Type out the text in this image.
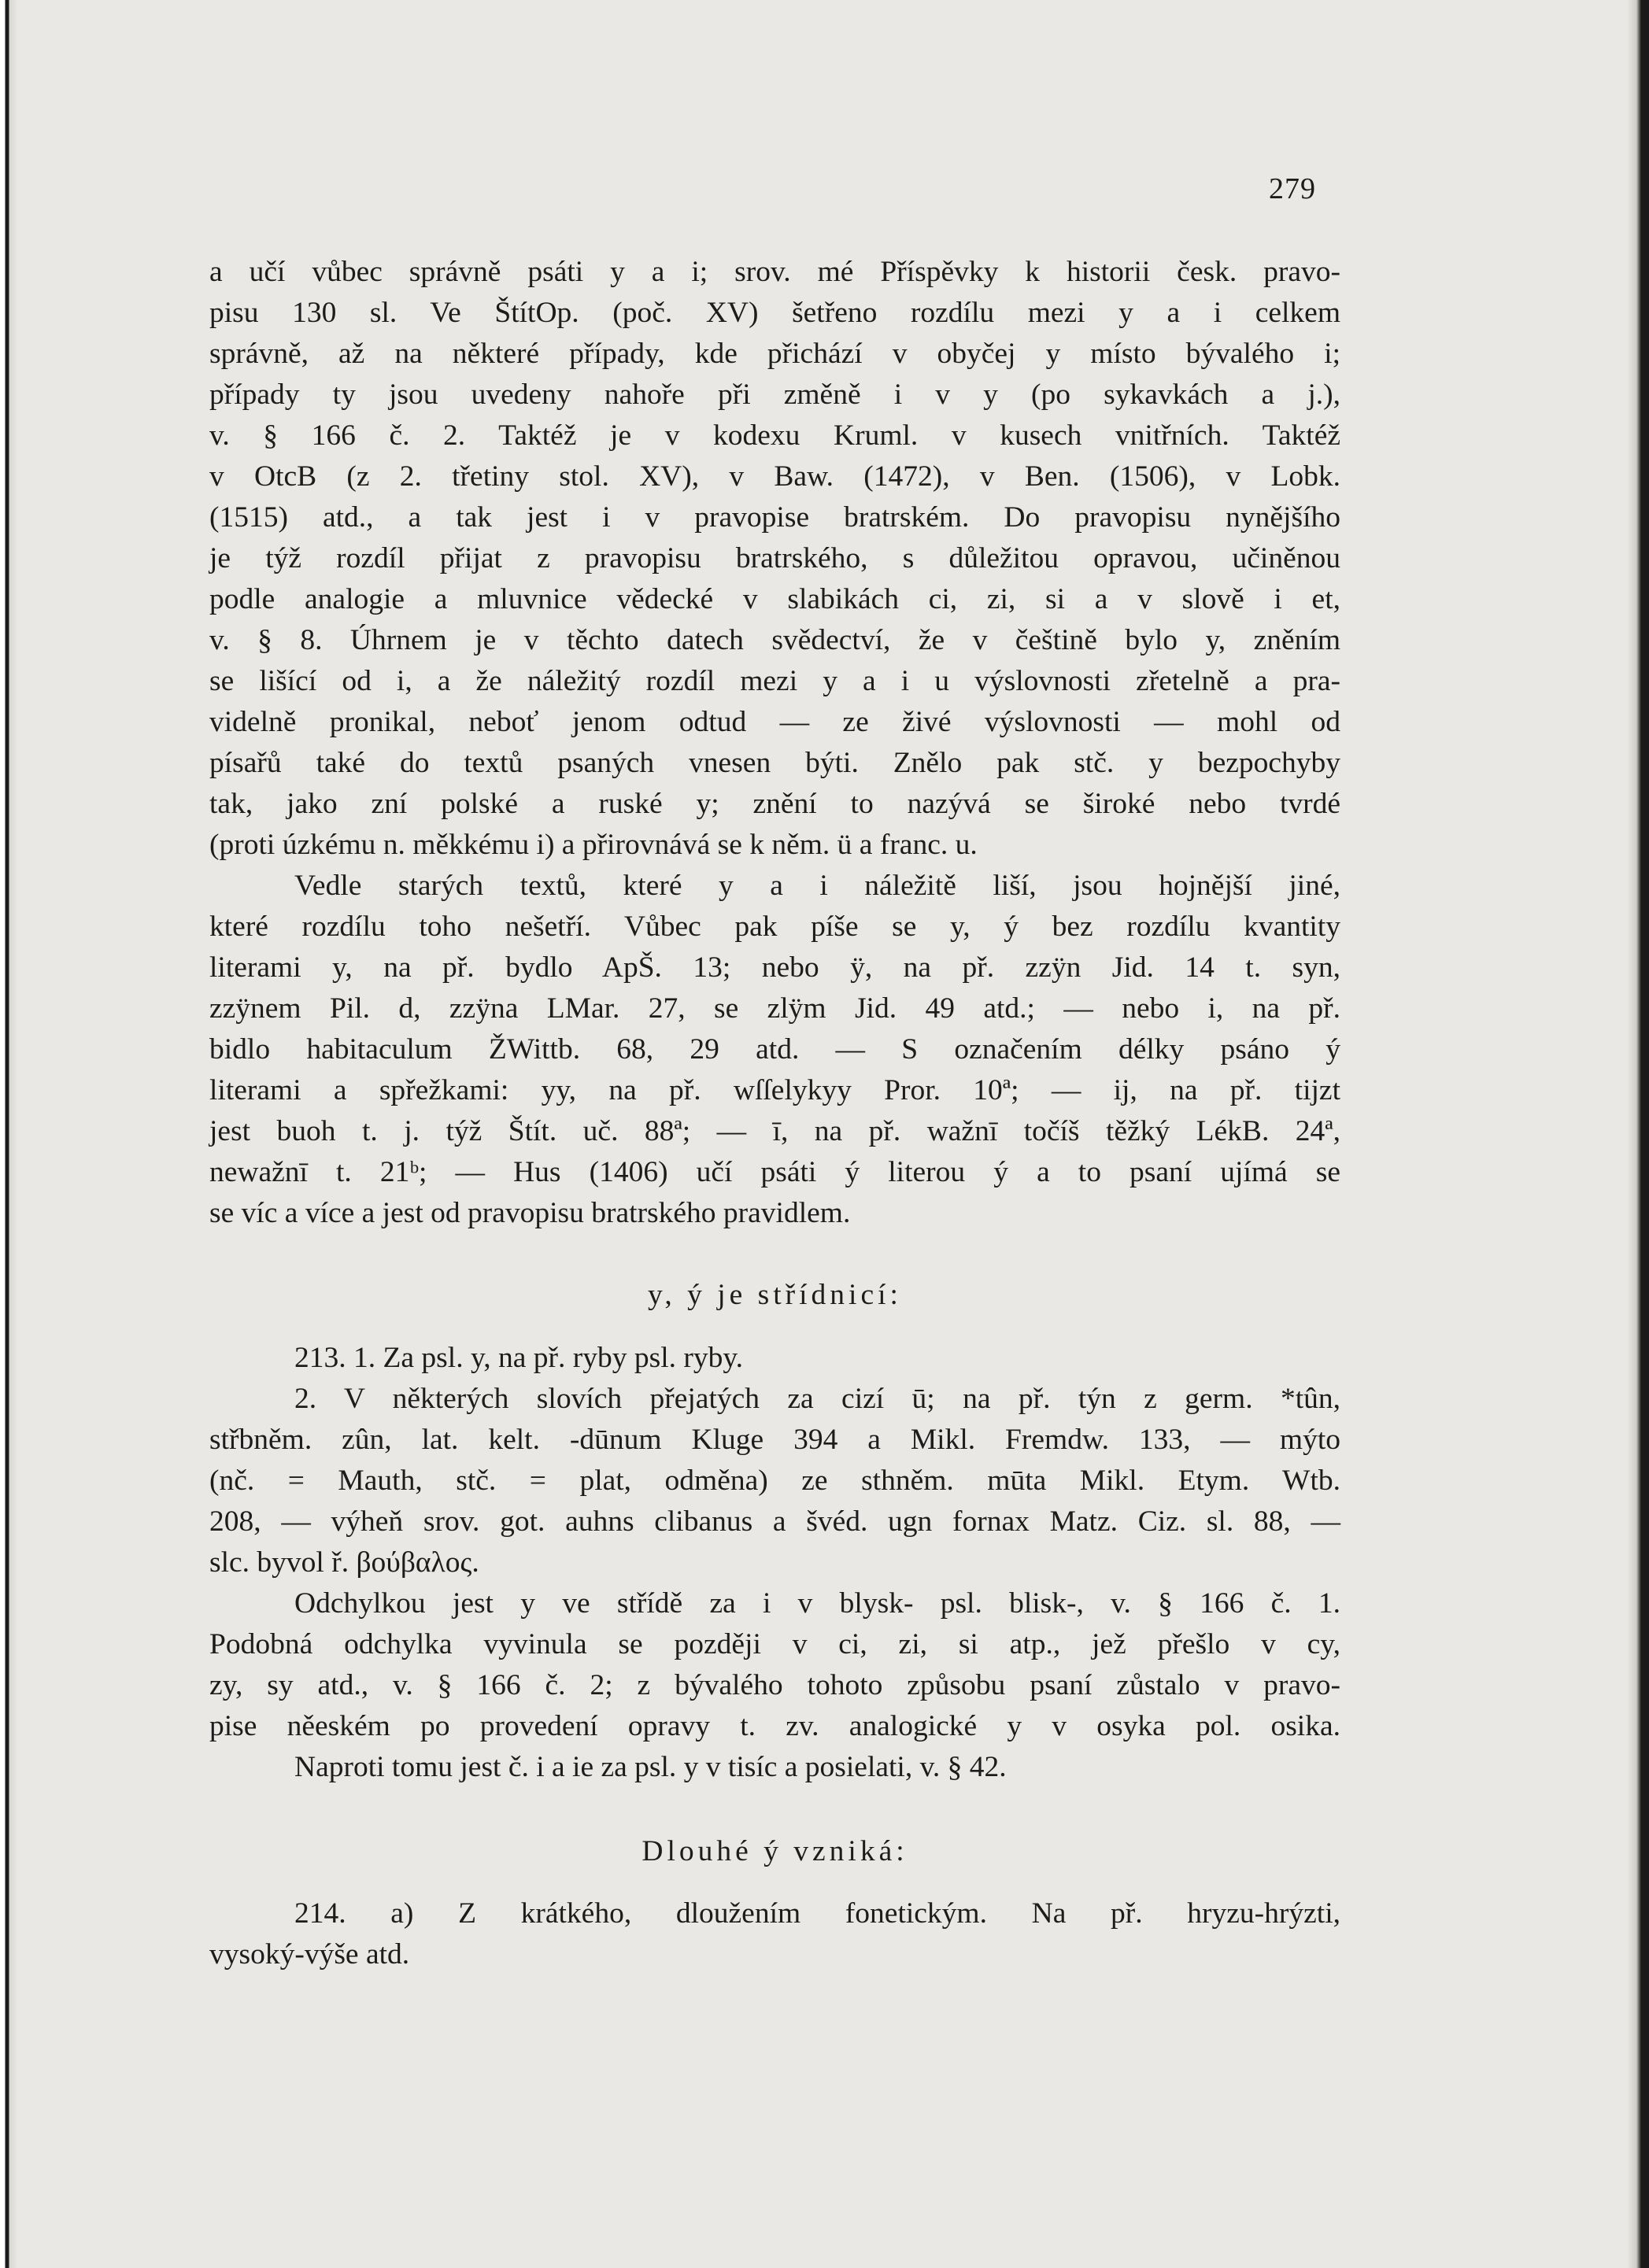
279
a učí vůbec správně psáti y a i; srov. mé Příspěvky k historii česk. pravo-
pisu 130 sl. Ve ŠtítOp. (poč. XV) šetřeno rozdílu mezi y a i celkem
správně, až na některé případy, kde přichází v obyčej y místo bývalého i;
případy ty jsou uvedeny nahoře při změně i v y (po sykavkách a j.),
v. § 166 č. 2. Taktéž je v kodexu Kruml. v kusech vnitřních. Taktéž
v OtcB (z 2. třetiny stol. XV), v Baw. (1472), v Ben. (1506), v Lobk.
(1515) atd., a tak jest i v pravopise bratrském. Do pravopisu nynějšího
je týž rozdíl přijat z pravopisu bratrského, s důležitou opravou, učiněnou
podle analogie a mluvnice vědecké v slabikách ci, zi, si a v slově i et,
v. § 8. Úhrnem je v těchto datech svědectví, že v češtině bylo y, zněním
se lišící od i, a že náležitý rozdíl mezi y a i u výslovnosti zřetelně a pra-
videlně pronikal, neboť jenom odtud — ze živé výslovnosti — mohl od
písařů také do textů psaných vnesen býti. Znělo pak stč. y bezpochyby
tak, jako zní polské a ruské y; znění to nazývá se široké nebo tvrdé
(proti úzkému n. měkkému i) a přirovnává se k něm. ü a franc. u.
Vedle starých textů, které y a i náležitě liší, jsou hojnější jiné,
které rozdílu toho nešetří. Vůbec pak píše se y, ý bez rozdílu kvantity
literami y, na př. bydlo ApŠ. 13; nebo ÿ, na př. zzÿn Jid. 14 t. syn,
zzÿnem Pil. d, zzÿna LMar. 27, se zlÿm Jid. 49 atd.; — nebo i, na př.
bidlo habitaculum ŽWittb. 68, 29 atd. — S označením délky psáno ý
literami a spřežkami: yy, na př. wſſelykyy Pror. 10ª; — ij, na př. tijzt
jest buoh t. j. týž Štít. uč. 88ª; — ī, na př. wažnī točíš těžký LékB. 24ª,
newažnī t. 21ᵇ; — Hus (1406) učí psáti ý literou ý a to psaní ujímá se
se víc a více a jest od pravopisu bratrského pravidlem.
y, ý je střídnicí:
213. 1. Za psl. y, na př. ryby psl. ryby.
2. V některých slovích přejatých za cizí ū; na př. týn z germ. *tûn,
střbněm. zûn, lat. kelt. -dūnum Kluge 394 a Mikl. Fremdw. 133, — mýto
(nč. = Mauth, stč. = plat, odměna) ze sthněm. mūta Mikl. Etym. Wtb.
208, — výheň srov. got. auhns clibanus a švéd. ugn fornax Matz. Ciz. sl. 88, —
slc. byvol ř. βούβαλος.
Odchylkou jest y ve střídě za i v blysk- psl. blisk-, v. § 166 č. 1.
Podobná odchylka vyvinula se později v ci, zi, si atp., jež přešlo v cy,
zy, sy atd., v. § 166 č. 2; z bývalého tohoto způsobu psaní zůstalo v pravo-
pise něeském po provedení opravy t. zv. analogické y v osyka pol. osika.
Naproti tomu jest č. i a ie za psl. y v tisíc a posielati, v. § 42.
Dlouhé ý vzniká:
214. a) Z krátkého, dloužením fonetickým. Na př. hryzu-hrýzti,
vysoký-výše atd.
